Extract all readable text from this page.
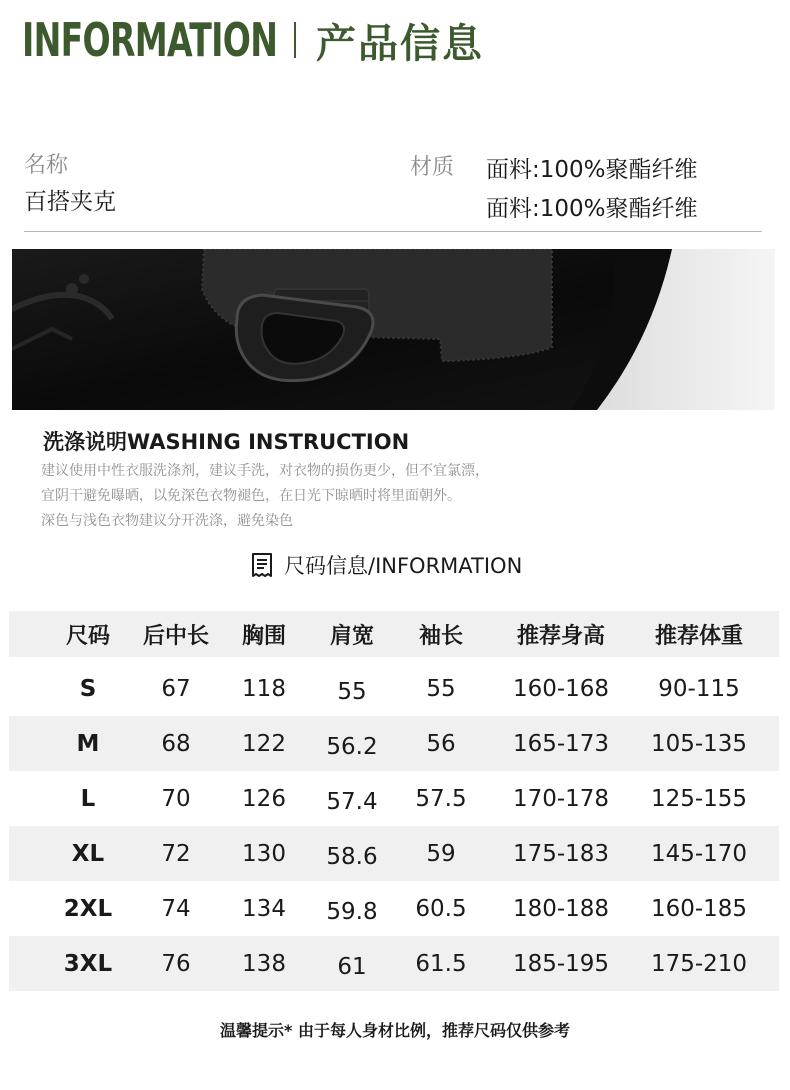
INFORMATION 产品信息
名称
百搭夹克
材质 面料:100%聚酯纤维
面料:100%聚酯纤维
洗涤说明WASHING INSTRUCTION
建议使用中性衣服洗涤剂，建议手洗，对衣物的损伤更少，但不宜氯漂，
宜阴干避免曝晒，以免深色衣物褪色，在日光下晾晒时将里面朝外。
深色与浅色衣物建议分开洗涤，避免染色
尺码信息/INFORMATION
尺码	后中长	胸围	肩宽	袖长	推荐身高	推荐体重
S	67	118	55	55	160-168	90-115
M	68	122	56.2	56	165-173	105-135
L	70	126	57.4	57.5	170-178	125-155
XL	72	130	58.6	59	175-183	145-170
2XL	74	134	59.8	60.5	180-188	160-185
3XL	76	138	61	61.5	185-195	175-210
温馨提示* 由于每人身材比例，推荐尺码仅供参考
